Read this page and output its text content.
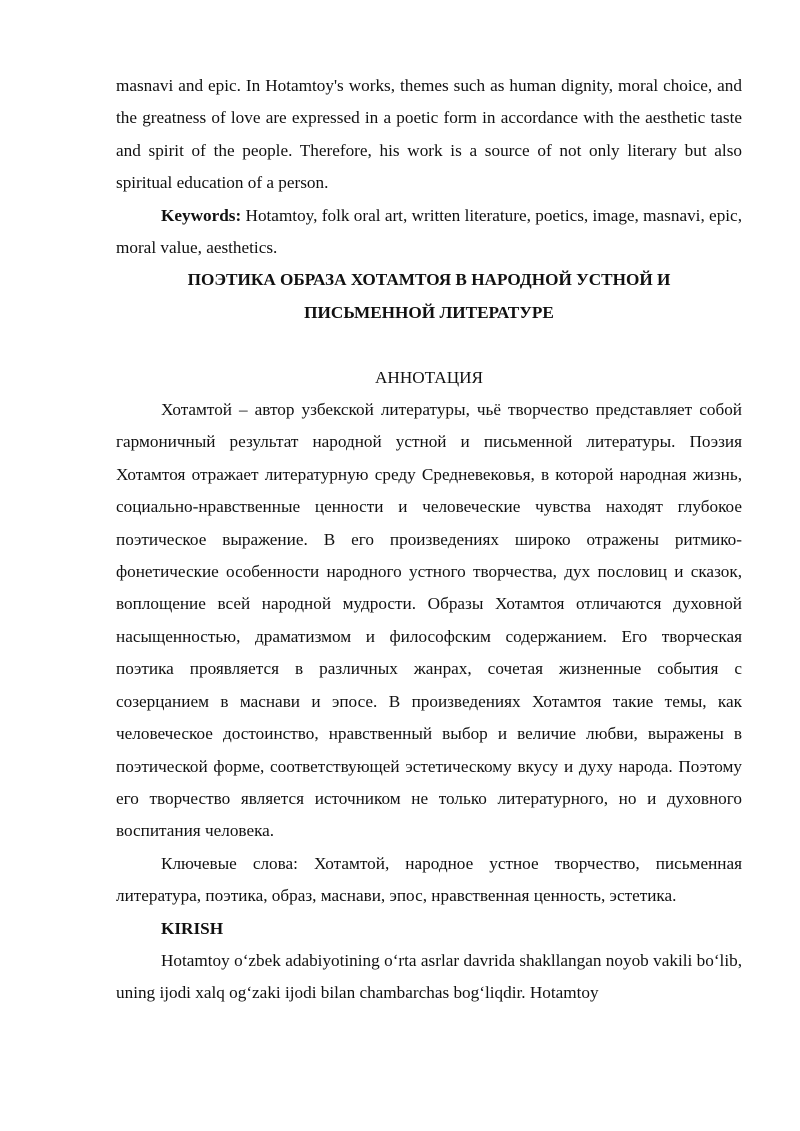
masnavi and epic. In Hotamtoy's works, themes such as human dignity, moral choice, and the greatness of love are expressed in a poetic form in accordance with the aesthetic taste and spirit of the people. Therefore, his work is a source of not only literary but also spiritual education of a person.

Keywords: Hotamtoy, folk oral art, written literature, poetics, image, masnavi, epic, moral value, aesthetics.

ПОЭТИКА ОБРАЗА ХОТАМТОЯ В НАРОДНОЙ УСТНОЙ И
ПИСЬМЕННОЙ ЛИТЕРАТУРЕ

АННОТАЦИЯ

Хотамтой – автор узбекской литературы, чьё творчество представляет собой гармоничный результат народной устной и письменной литературы. Поэзия Хотамтоя отражает литературную среду Средневековья, в которой народная жизнь, социально-нравственные ценности и человеческие чувства находят глубокое поэтическое выражение. В его произведениях широко отражены ритмико-фонетические особенности народного устного творчества, дух пословиц и сказок, воплощение всей народной мудрости. Образы Хотамтоя отличаются духовной насыщенностью, драматизмом и философским содержанием. Его творческая поэтика проявляется в различных жанрах, сочетая жизненные события с созерцанием в маснави и эпосе. В произведениях Хотамтоя такие темы, как человеческое достоинство, нравственный выбор и величие любви, выражены в поэтической форме, соответствующей эстетическому вкусу и духу народа. Поэтому его творчество является источником не только литературного, но и духовного воспитания человека.

Ключевые слова: Хотамтой, народное устное творчество, письменная литература, поэтика, образ, маснави, эпос, нравственная ценность, эстетика.

KIRISH

Hotamtoy oʻzbek adabiyotining oʻrta asrlar davrida shakllangan noyob vakili boʻlib, uning ijodi xalq ogʻzaki ijodi bilan chambarchas bogʻliqdir. Hotamtoy
